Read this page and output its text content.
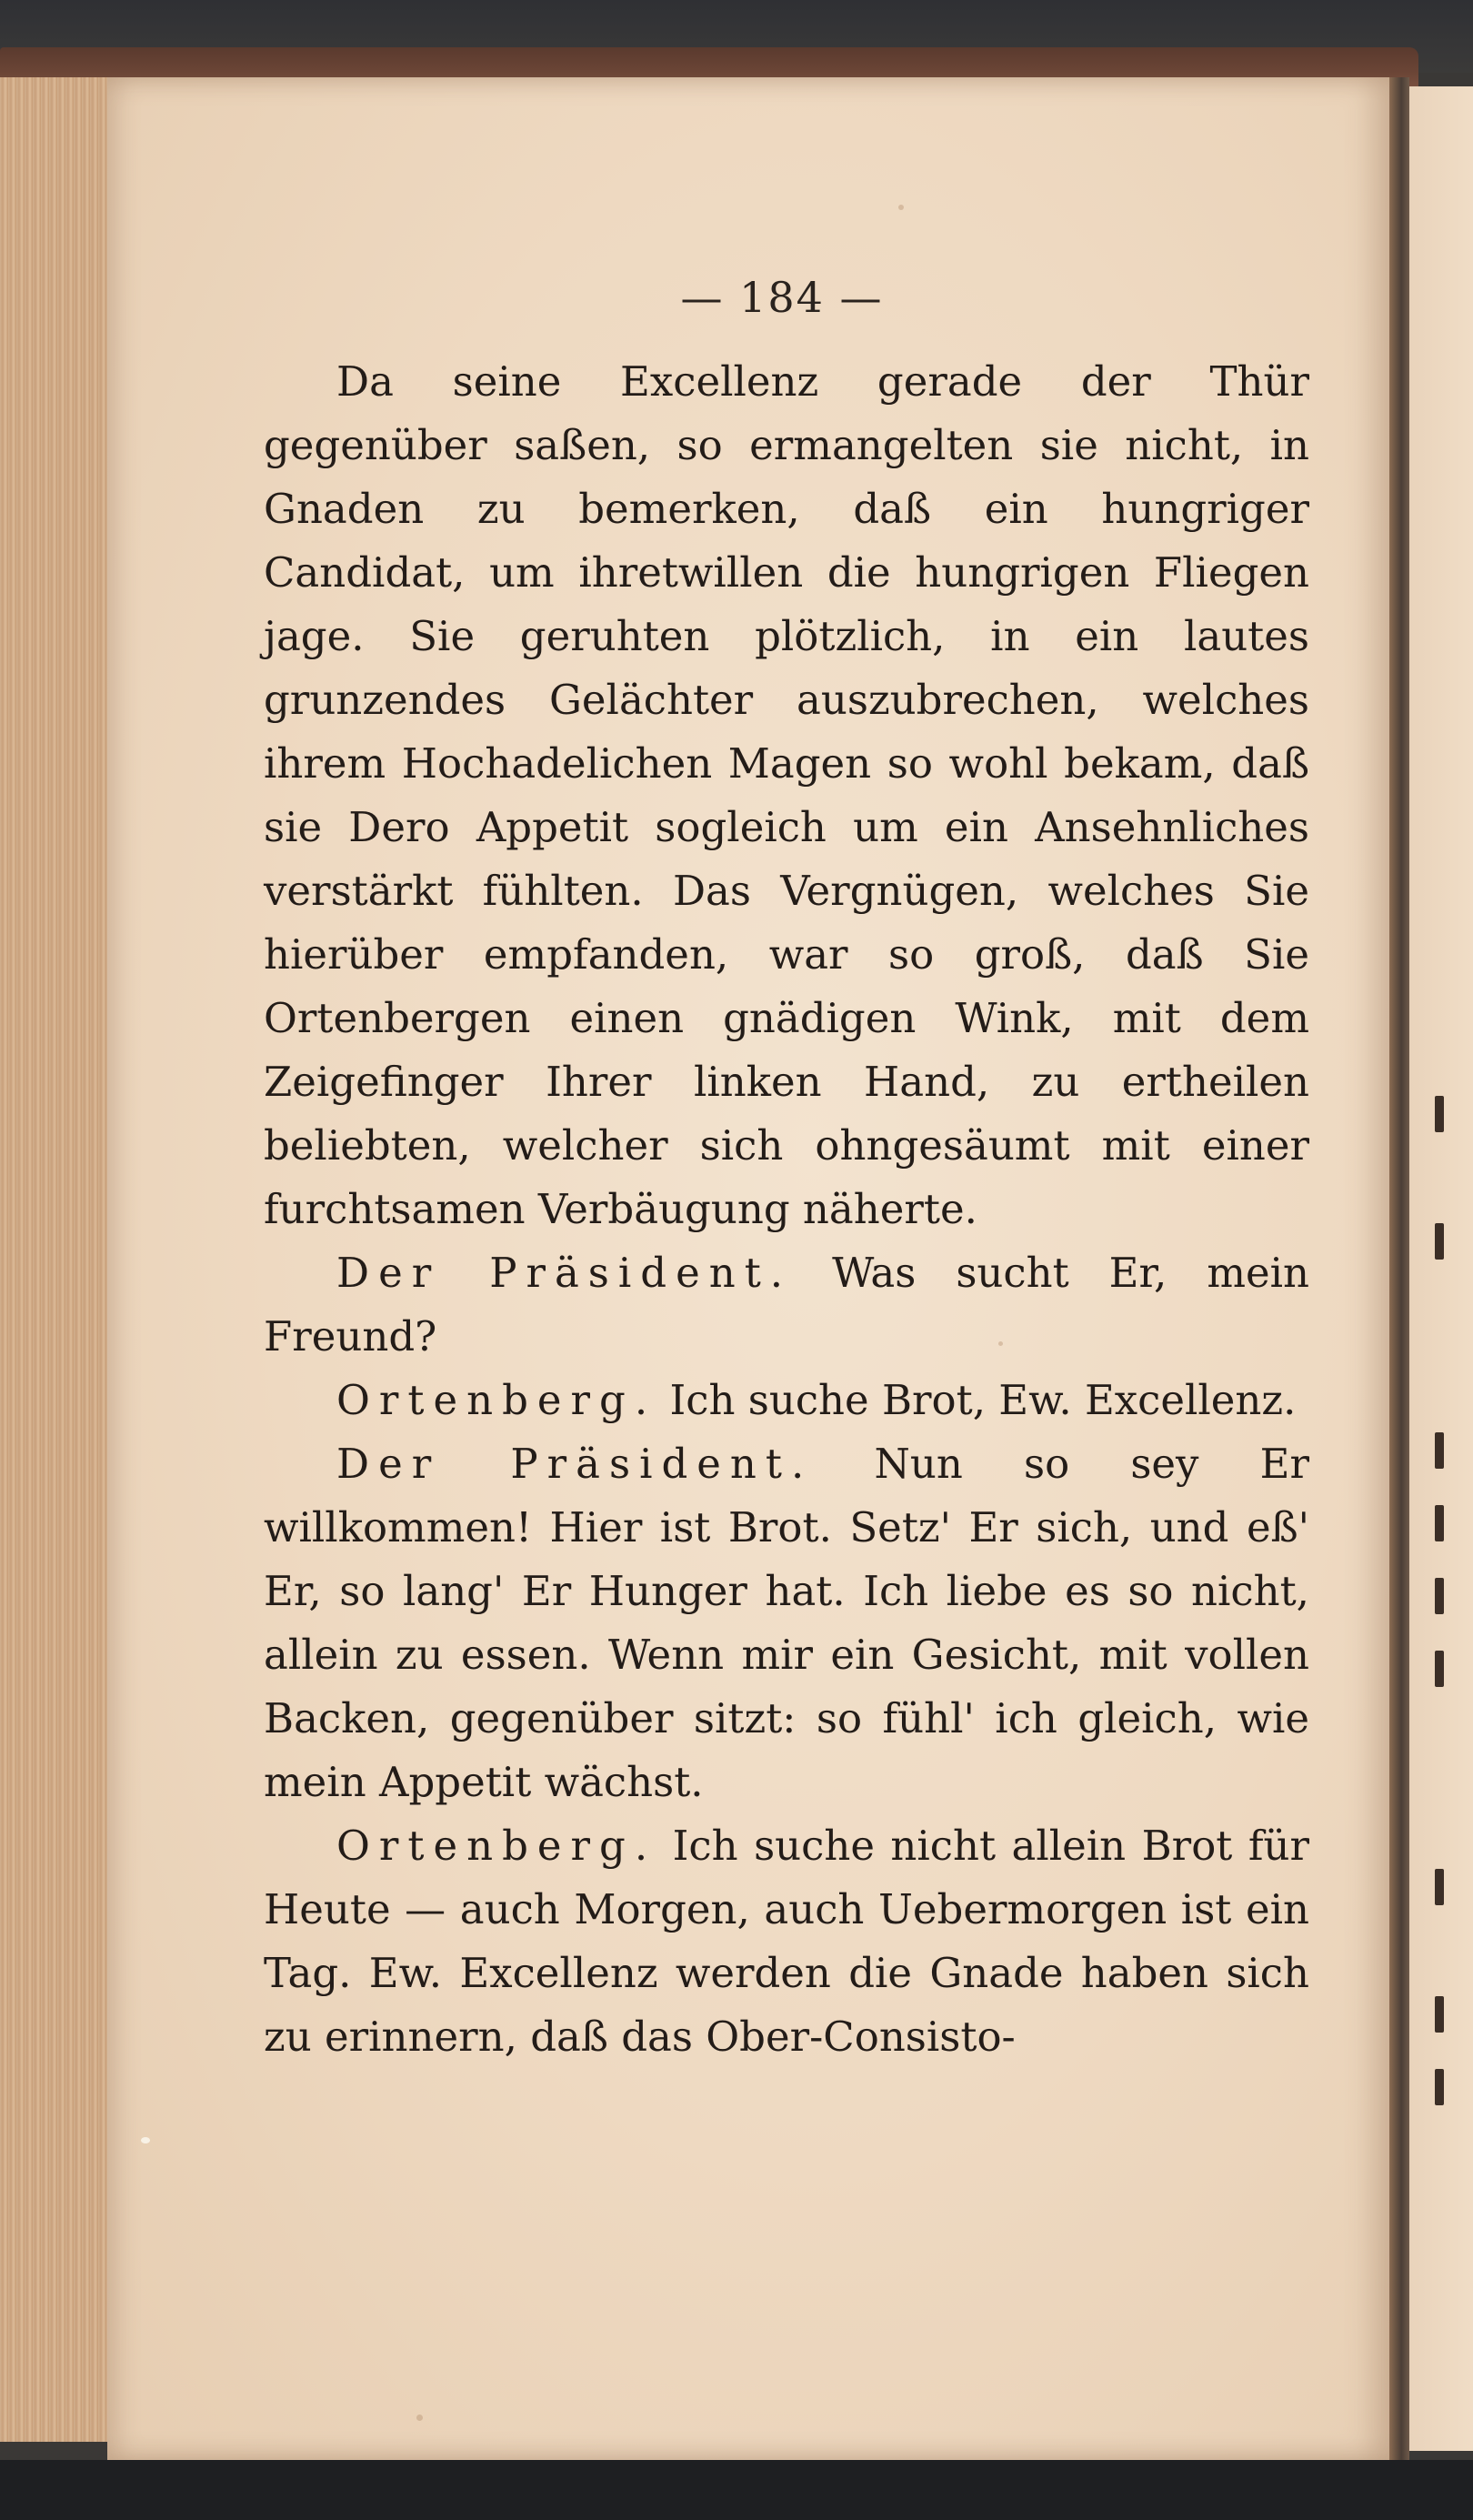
— 184 —

Da seine Excellenz gerade der Thür gegenüber saßen, so ermangelten sie nicht, in Gnaden zu bemerken, daß ein hungriger Candidat, um ihretwillen die hungrigen Fliegen jage. Sie geruhten plötzlich, in ein lautes grunzendes Gelächter auszubrechen, welches ihrem Hochadelichen Magen so wohl bekam, daß sie Dero Appetit sogleich um ein Ansehnliches verstärkt fühlten. Das Vergnügen, welches Sie hierüber empfanden, war so groß, daß Sie Ortenbergen einen gnädigen Wink, mit dem Zeigefinger Ihrer linken Hand, zu ertheilen beliebten, welcher sich ohngesäumt mit einer furchtsamen Verbäugung näherte.

Der Präsident. Was sucht Er, mein Freund?

Ortenberg. Ich suche Brot, Ew. Excellenz.

Der Präsident. Nun so sey Er willkommen! Hier ist Brot. Setz' Er sich, und eß' Er, so lang' Er Hunger hat. Ich liebe es so nicht, allein zu essen. Wenn mir ein Gesicht, mit vollen Backen, gegenüber sitzt: so fühl' ich gleich, wie mein Appetit wächst.

Ortenberg. Ich suche nicht allein Brot für Heute — auch Morgen, auch Uebermorgen ist ein Tag. Ew. Excellenz werden die Gnade haben sich zu erinnern, daß das Ober-Consisto-
